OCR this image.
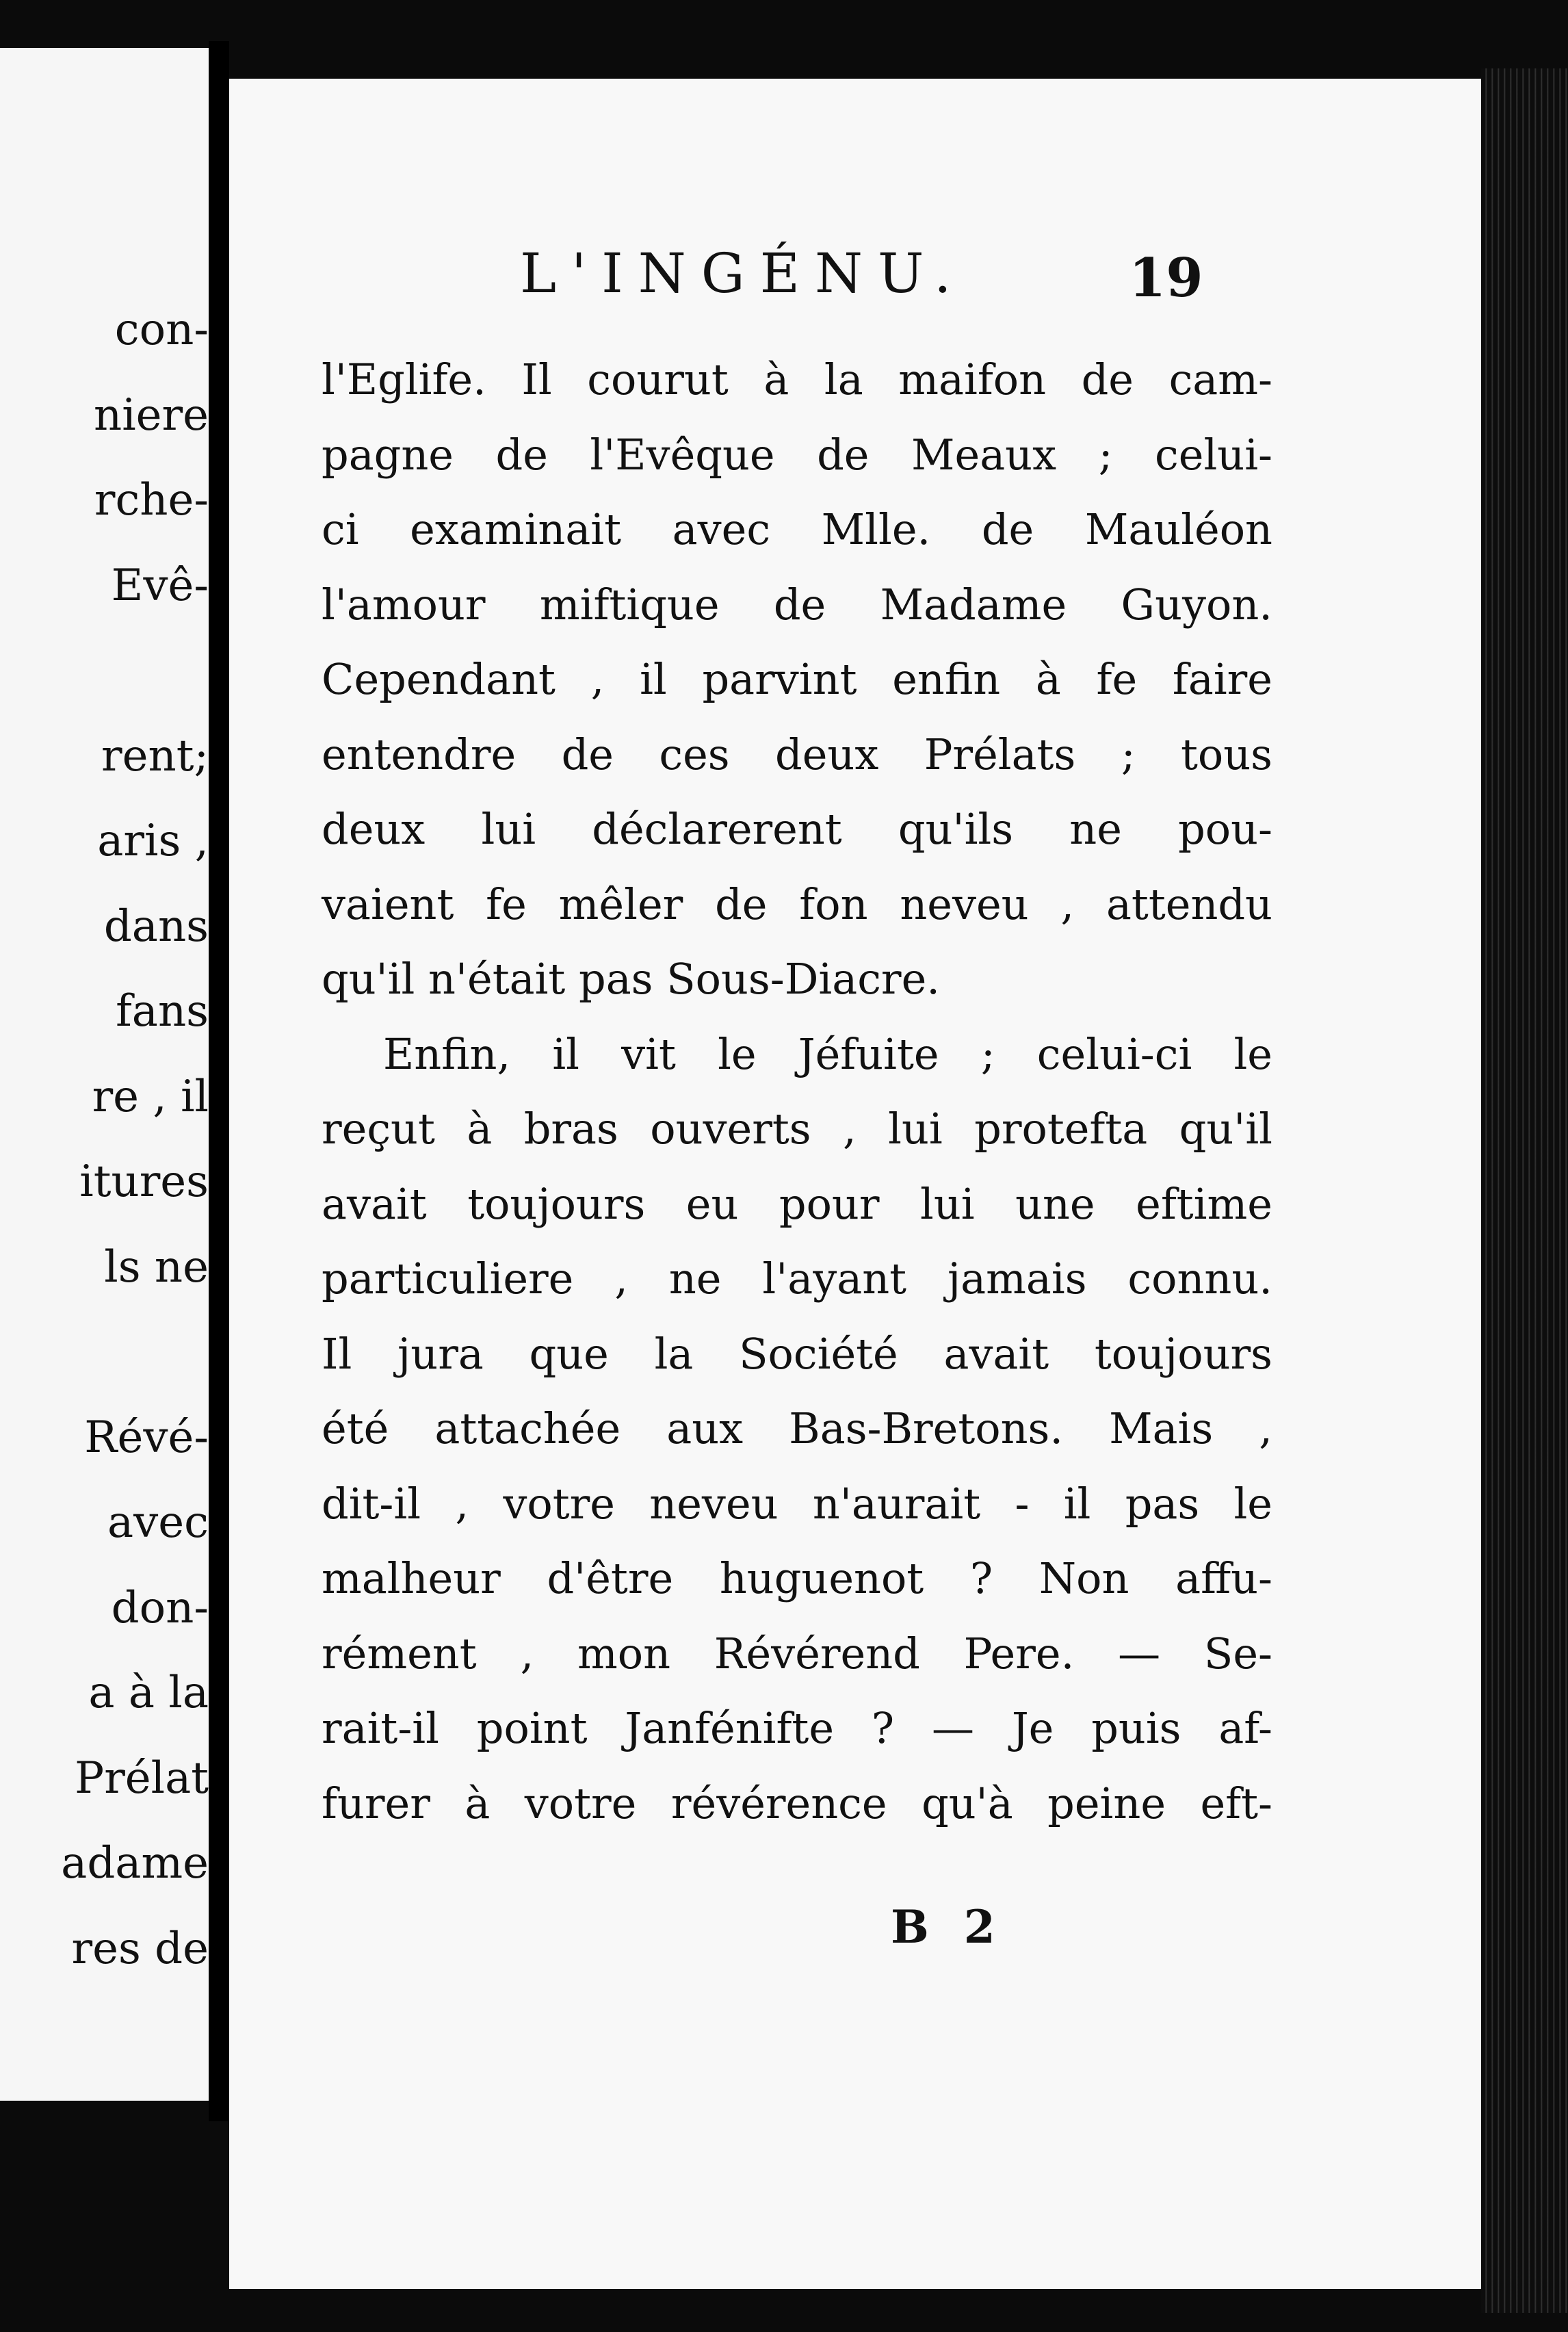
con-
niere
rche-
Evê-
rent;
aris ,
dans
fans
re , il
itures
ls ne
Révé-
avec
don-
a à la
Prélat
adame
res de
L'INGÉNU.	19
l'Eglife. Il courut à la maifon de cam-
pagne de l'Evêque de Meaux ; celui-
ci examinait avec Mlle. de Mauléon
l'amour miftique de Madame Guyon.
Cependant , il parvint enfin à fe faire
entendre de ces deux Prélats ; tous
deux lui déclarerent qu'ils ne pou-
vaient fe mêler de fon neveu , attendu
qu'il n'était pas Sous-Diacre.
Enfin, il vit le Jéfuite ; celui-ci le
reçut à bras ouverts , lui protefta qu'il
avait toujours eu pour lui une eftime
particuliere , ne l'ayant jamais connu.
Il jura que la Société avait toujours
été attachée aux Bas-Bretons. Mais ,
dit-il , votre neveu n'aurait - il pas le
malheur d'être huguenot ? Non affu-
rément , mon Révérend Pere. — Se-
rait-il point Janfénifte ? — Je puis af-
furer à votre révérence qu'à peine eft-
B 2
